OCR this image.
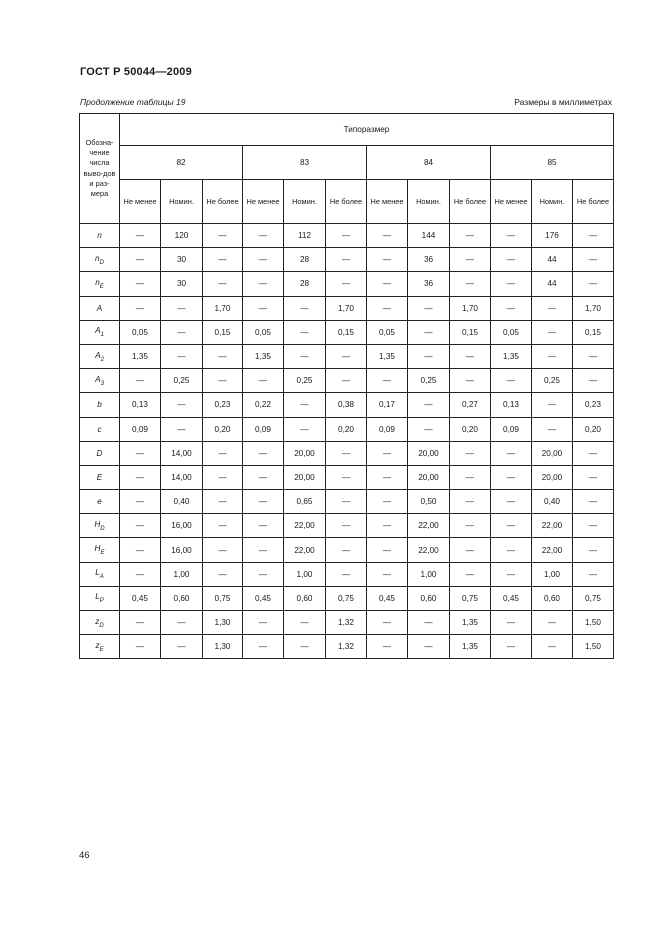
ГОСТ Р 50044—2009
Продолжение таблицы 19	Размеры в миллиметрах
Обозна-чение числа выво-дов и раз-мера	Типоразмер											
	82			83			84			85		
	Не менее	Номин.	Не более	Не менее	Номин.	Не более	Не менее	Номин.	Не более	Не менее	Номин.	Не более
n	—	120	—	—	112	—	—	144	—	—	176	—
$n_D$	—	30	—	—	28	—	—	36	—	—	44	—
$n_E$	—	30	—	—	28	—	—	36	—	—	44	—
A	—	—	1,70	—	—	1,70	—	—	1,70	—	—	1,70
$A_1$	0,05	—	0,15	0,05	—	0,15	0,05	—	0,15	0,05	—	0,15
$A_2$	1,35	—	—	1,35	—	—	1,35	—	—	1,35	—	—
$A_3$	—	0,25	—	—	0,25	—	—	0,25	—	—	0,25	—
b	0,13	—	0,23	0,22	—	0,38	0,17	—	0,27	0,13	—	0,23
c	0,09	—	0,20	0,09	—	0,20	0,09	—	0,20	0,09	—	0,20
D	—	14,00	—	—	20,00	—	—	20,00	—	—	20,00	—
E	—	14,00	—	—	20,00	—	—	20,00	—	—	20,00	—
e	—	0,40	—	—	0,65	—	—	0,50	—	—	0,40	—
$H_D$	—	16,00	—	—	22,00	—	—	22,00	—	—	22,00	—
$H_E$	—	16,00	—	—	22,00	—	—	22,00	—	—	22,00	—
$L_A$	—	1,00	—	—	1,00	—	—	1,00	—	—	1,00	—
$L_P$	0,45	0,60	0,75	0,45	0,60	0,75	0,45	0,60	0,75	0,45	0,60	0,75
$z_D$	—	—	1,30	—	—	1,32	—	—	1,35	—	—	1,50
$z_E$	—	—	1,30	—	—	1,32	—	—	1,35	—	—	1,50
46
